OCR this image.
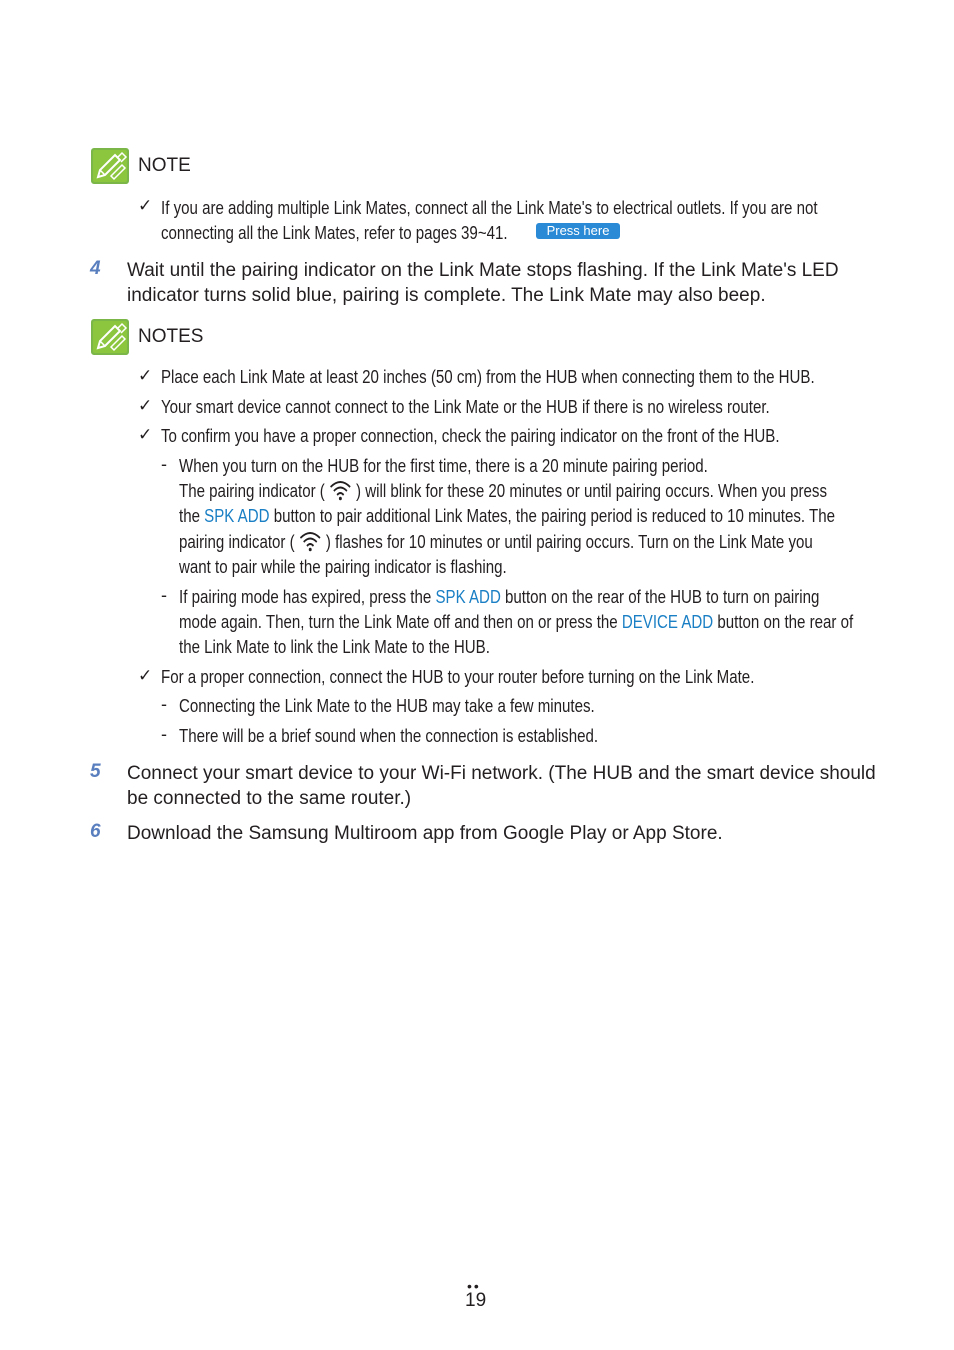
NOTE
✓ If you are adding multiple Link Mates, connect all the Link Mate's to electrical outlets. If you are not
connecting all the Link Mates, refer to pages 39~41.	Press here
4 Wait until the pairing indicator on the Link Mate stops flashing. If the Link Mate's LED
indicator turns solid blue, pairing is complete. The Link Mate may also beep.
NOTES
✓ Place each Link Mate at least 20 inches (50 cm) from the HUB when connecting them to the HUB.
✓ Your smart device cannot connect to the Link Mate or the HUB if there is no wireless router.
✓ To confirm you have a proper connection, check the pairing indicator on the front of the HUB.
- When you turn on the HUB for the first time, there is a 20 minute pairing period.
The pairing indicator ( ) will blink for these 20 minutes or until pairing occurs. When you press
the SPK ADD button to pair additional Link Mates, the pairing period is reduced to 10 minutes. The
pairing indicator ( ) flashes for 10 minutes or until pairing occurs. Turn on the Link Mate you
want to pair while the pairing indicator is flashing.
- If pairing mode has expired, press the SPK ADD button on the rear of the HUB to turn on pairing
mode again. Then, turn the Link Mate off and then on or press the DEVICE ADD button on the rear of
the Link Mate to link the Link Mate to the HUB.
✓ For a proper connection, connect the HUB to your router before turning on the Link Mate.
- Connecting the Link Mate to the HUB may take a few minutes.
- There will be a brief sound when the connection is established.
5 Connect your smart device to your Wi-Fi network. (The HUB and the smart device should
be connected to the same router.)
6 Download the Samsung Multiroom app from Google Play or App Store.
••
19
